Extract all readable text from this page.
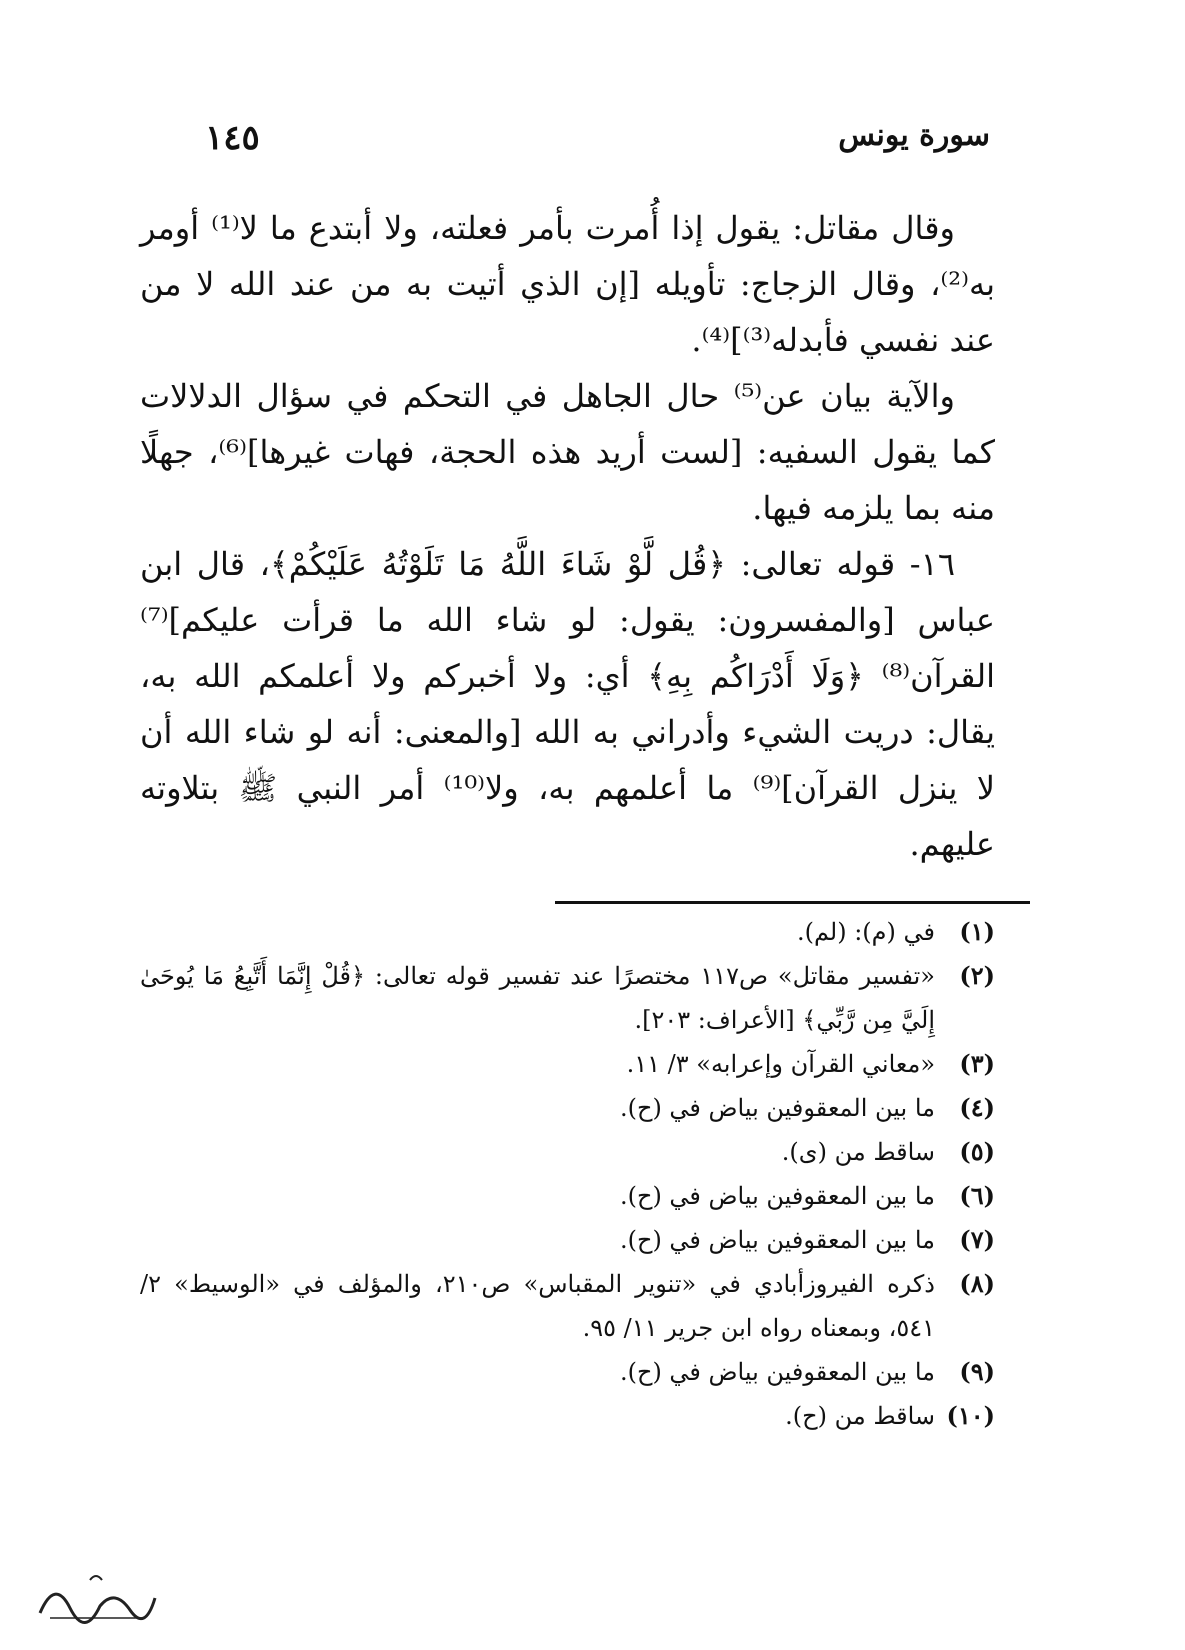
سورة يونس
١٤٥

وقال مقاتل: يقول إذا أُمرت بأمر فعلته، ولا أبتدع ما لا⁽¹⁾ أومر به⁽²⁾، وقال الزجاج: تأويله [إن الذي أتيت به من عند الله لا من عند نفسي فأبدله⁽³⁾]⁽⁴⁾.

والآية بيان عن⁽⁵⁾ حال الجاهل في التحكم في سؤال الدلالات كما يقول السفيه: [لست أريد هذه الحجة، فهات غيرها]⁽⁶⁾، جهلًا منه بما يلزمه فيها.

١٦- قوله تعالى: ﴿قُل لَّوْ شَاءَ اللَّهُ مَا تَلَوْتُهُ عَلَيْكُمْ﴾، قال ابن عباس [والمفسرون: يقول: لو شاء الله ما قرأت عليكم]⁽⁷⁾ القرآن⁽⁸⁾ ﴿وَلَا أَدْرَاكُم بِهِ﴾ أي: ولا أخبركم ولا أعلمكم الله به، يقال: دريت الشيء وأدراني به الله [والمعنى: أنه لو شاء الله أن لا ينزل القرآن]⁽⁹⁾ ما أعلمهم به، ولا⁽¹⁰⁾ أمر النبي ﷺ بتلاوته عليهم.

(١)
في (م): (لم).
(٢)
«تفسير مقاتل» ص١١٧ مختصرًا عند تفسير قوله تعالى: ﴿قُلْ إِنَّمَا أَتَّبِعُ مَا يُوحَىٰ إِلَيَّ مِن رَّبِّي﴾ [الأعراف: ٢٠٣].
(٣)
«معاني القرآن وإعرابه» ٣/ ١١.
(٤)
ما بين المعقوفين بياض في (ح).
(٥)
ساقط من (ى).
(٦)
ما بين المعقوفين بياض في (ح).
(٧)
ما بين المعقوفين بياض في (ح).
(٨)
ذكره الفيروزأبادي في «تنوير المقباس» ص٢١٠، والمؤلف في «الوسيط» ٢/ ٥٤١، وبمعناه رواه ابن جرير ١١/ ٩٥.
(٩)
ما بين المعقوفين بياض في (ح).
(١٠)
ساقط من (ح).
